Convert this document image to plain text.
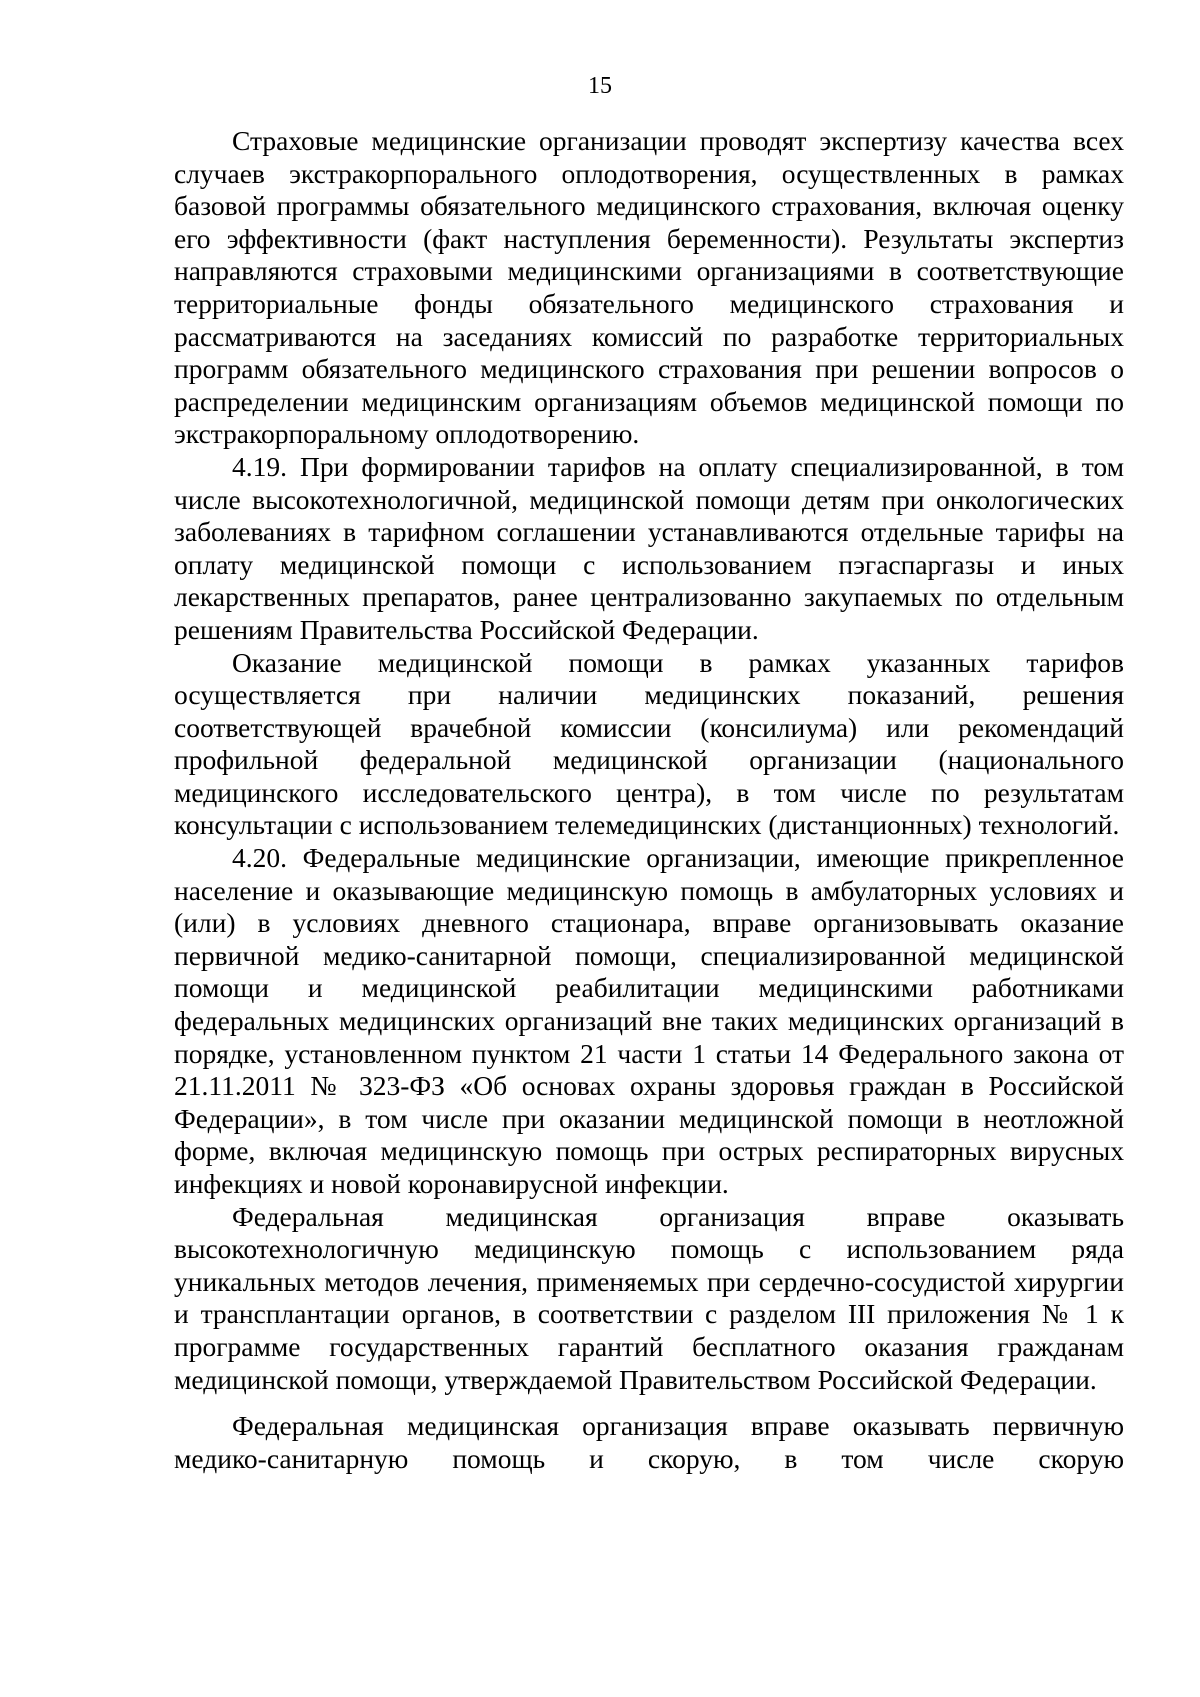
15

Страховые медицинские организации проводят экспертизу качества всех случаев экстракорпорального оплодотворения, осуществленных в рамках базовой программы обязательного медицинского страхования, включая оценку его эффективности (факт наступления беременности). Результаты экспертиз направляются страховыми медицинскими организациями в соответствующие территориальные фонды обязательного медицинского страхования и рассматриваются на заседаниях комиссий по разработке территориальных программ обязательного медицинского страхования при решении вопросов о распределении медицинским организациям объемов медицинской помощи по экстракорпоральному оплодотворению.

4.19. При формировании тарифов на оплату специализированной, в том числе высокотехнологичной, медицинской помощи детям при онкологических заболеваниях в тарифном соглашении устанавливаются отдельные тарифы на оплату медицинской помощи с использованием пэгаспаргазы и иных лекарственных препаратов, ранее централизованно закупаемых по отдельным решениям Правительства Российской Федерации.

Оказание медицинской помощи в рамках указанных тарифов осуществляется при наличии медицинских показаний, решения соответствующей врачебной комиссии (консилиума) или рекомендаций профильной федеральной медицинской организации (национального медицинского исследовательского центра), в том числе по результатам консультации с использованием телемедицинских (дистанционных) технологий.

4.20. Федеральные медицинские организации, имеющие прикрепленное население и оказывающие медицинскую помощь в амбулаторных условиях и (или) в условиях дневного стационара, вправе организовывать оказание первичной медико-санитарной помощи, специализированной медицинской помощи и медицинской реабилитации медицинскими работниками федеральных медицинских организаций вне таких медицинских организаций в порядке, установленном пунктом 21 части 1 статьи 14 Федерального закона от 21.11.2011 № 323-ФЗ «Об основах охраны здоровья граждан в Российской Федерации», в том числе при оказании медицинской помощи в неотложной форме, включая медицинскую помощь при острых респираторных вирусных инфекциях и новой коронавирусной инфекции.

Федеральная медицинская организация вправе оказывать высокотехнологичную медицинскую помощь с использованием ряда уникальных методов лечения, применяемых при сердечно-сосудистой хирургии и трансплантации органов, в соответствии с разделом III приложения № 1 к программе государственных гарантий бесплатного оказания гражданам медицинской помощи, утверждаемой Правительством Российской Федерации.

Федеральная медицинская организация вправе оказывать первичную медико-санитарную помощь и скорую, в том числе скорую
